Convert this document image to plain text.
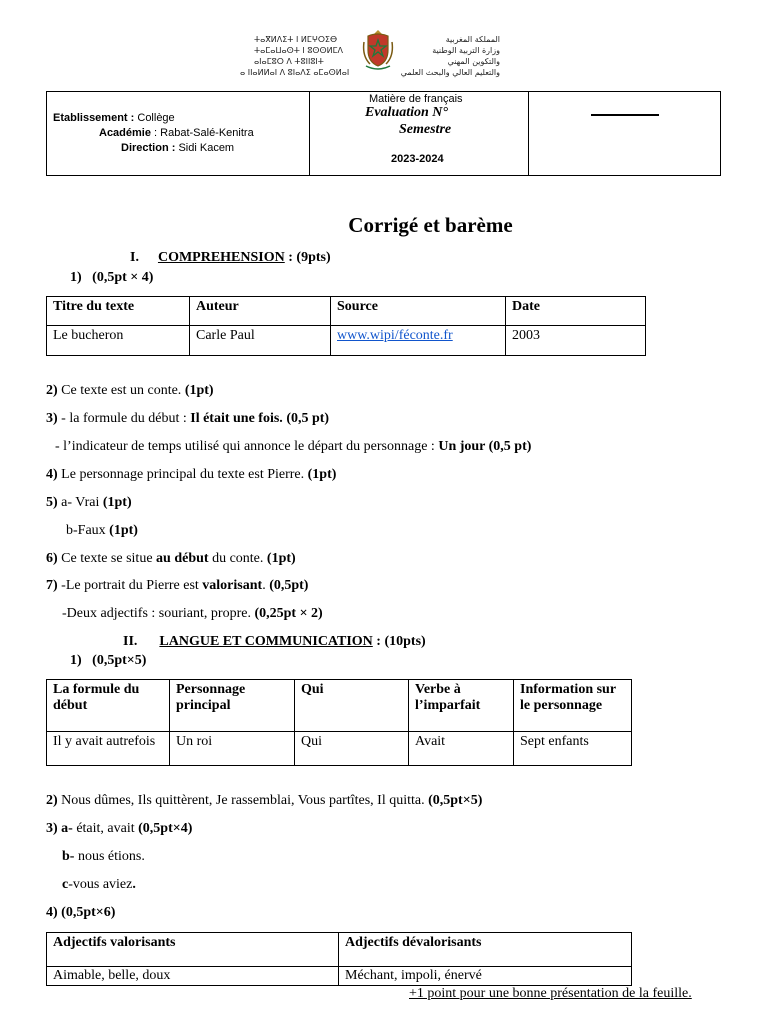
ⵜⴰⴳⵍⴷⵉⵜ ⵏ ⵍⵎⵖⵔⵉⴱ
ⵜⴰⵎⴰⵡⴰⵙⵜ ⵏ ⵓⵙⵙⵍⵎⴷ
ⴰⵏⴰⵎⵓⵔ ⴷ ⵜⵓⵏⵏⵓⵏⵜ
ⴰ ⵏⵏⴰⵍⵍⴰⵏ ⴷ ⵓⵏⴰⴷⵉ ⴰⵎⴰⵙⵍⴰⵏ
المملكة المغربية
وزارة التربية الوطنية
والتكوين المهني
والتعليم العالي والبحث العلمي
Etablissement : Collège
Académie : Rabat-Salé-Kenitra
Direction : Sidi Kacem
Matière de français
Evaluation N°
Semestre
2023-2024
Corrigé et barème
I. COMPREHENSION : (9pts)
1) (0,5pt × 4)
Titre du texte	Auteur	Source	Date
Le bucheron	Carle Paul	www.wipi/féconte.fr	2003
2) Ce texte est un conte. (1pt)
3) - la formule du début : Il était une fois. (0,5 pt)
- l’indicateur de temps utilisé qui annonce le départ du personnage : Un jour (0,5 pt)
4) Le personnage principal du texte est Pierre. (1pt)
5) a- Vrai (1pt)
b-Faux (1pt)
6) Ce texte se situe au début du conte. (1pt)
7) -Le portrait du Pierre est valorisant. (0,5pt)
-Deux adjectifs : souriant, propre. (0,25pt × 2)
II. LANGUE ET COMMUNICATION : (10pts)
1) (0,5pt×5)
La formule du début	Personnage principal	Qui	Verbe à l’imparfait	Information sur le personnage
Il y avait autrefois	Un roi	Qui	Avait	Sept enfants
2) Nous dûmes, Ils quittèrent, Je rassemblai, Vous partîtes, Il quitta. (0,5pt×5)
3) a- était, avait (0,5pt×4)
b- nous étions.
c-vous aviez.
4) (0,5pt×6)
Adjectifs valorisants	Adjectifs dévalorisants
Aimable, belle, doux	Méchant, impoli, énervé
+1 point pour une bonne présentation de la feuille.
